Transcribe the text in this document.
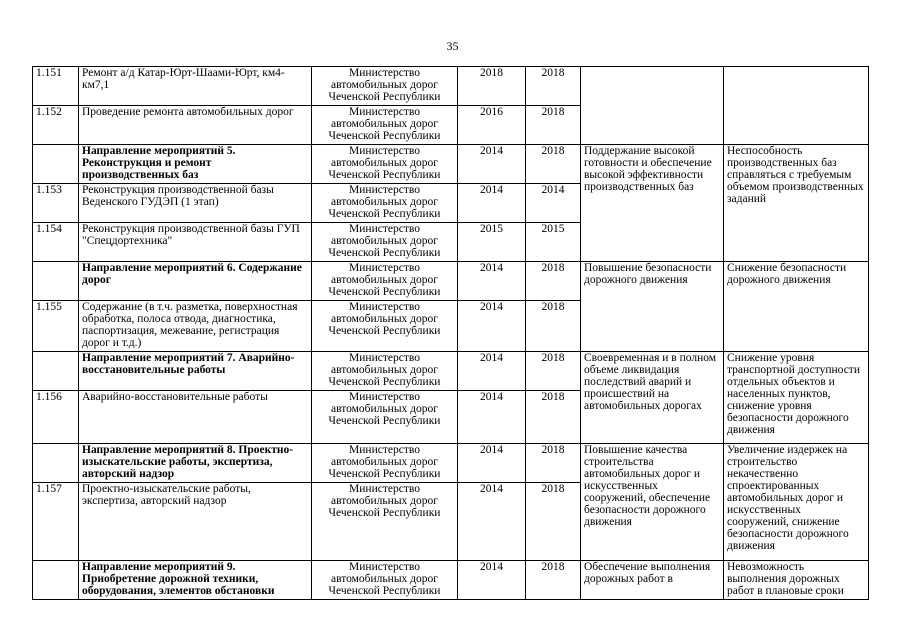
35
1.151	Ремонт а/д Катар-Юрт-Шаами-Юрт, км4-км7,1	Министерство автомобильных дорог Чеченской Республики	2018	2018		
1.152	Проведение ремонта автомобильных дорог	Министерство автомобильных дорог Чеченской Республики	2016	2018		
	Направление мероприятий 5. Реконструкция и ремонт производственных баз	Министерство автомобильных дорог Чеченской Республики	2014	2018	Поддержание высокой готовности и обеспечение высокой эффективности производственных баз	Неспособность производственных баз справляться с требуемым объемом производственных заданий
1.153	Реконструкция производственной базы Веденского ГУДЭП (1 этап)	Министерство автомобильных дорог Чеченской Республики	2014	2014		
1.154	Реконструкция производственной базы ГУП "Спецдортехника"	Министерство автомобильных дорог Чеченской Республики	2015	2015		
	Направление мероприятий 6. Содержание дорог	Министерство автомобильных дорог Чеченской Республики	2014	2018	Повышение безопасности дорожного движения	Снижение безопасности дорожного движения
1.155	Содержание (в т.ч. разметка, поверхностная обработка, полоса отвода, диагностика, паспортизация, межевание, регистрация дорог и т.д.)	Министерство автомобильных дорог Чеченской Республики	2014	2018		
	Направление мероприятий 7. Аварийно-восстановительные работы	Министерство автомобильных дорог Чеченской Республики	2014	2018	Своевременная и в полном объеме ликвидация последствий аварий и происшествий на автомобильных дорогах	Снижение уровня транспортной доступности отдельных объектов и населенных пунктов, снижение уровня безопасности дорожного движения
1.156	Аварийно-восстановительные работы	Министерство автомобильных дорог Чеченской Республики	2014	2018		
	Направление мероприятий 8. Проектно-изыскательские работы, экспертиза, авторский надзор	Министерство автомобильных дорог Чеченской Республики	2014	2018	Повышение качества строительства автомобильных дорог и искусственных сооружений, обеспечение безопасности дорожного движения	Увеличение издержек на строительство некачественно спроектированных автомобильных дорог и искусственных сооружений, снижение безопасности дорожного движения
1.157	Проектно-изыскательские работы, экспертиза, авторский надзор	Министерство автомобильных дорог Чеченской Республики	2014	2018		
	Направление мероприятий 9. Приобретение дорожной техники, оборудования, элементов обстановки	Министерство автомобильных дорог Чеченской Республики	2014	2018	Обеспечение выполнения дорожных работ в	Невозможность выполнения дорожных работ в плановые сроки
